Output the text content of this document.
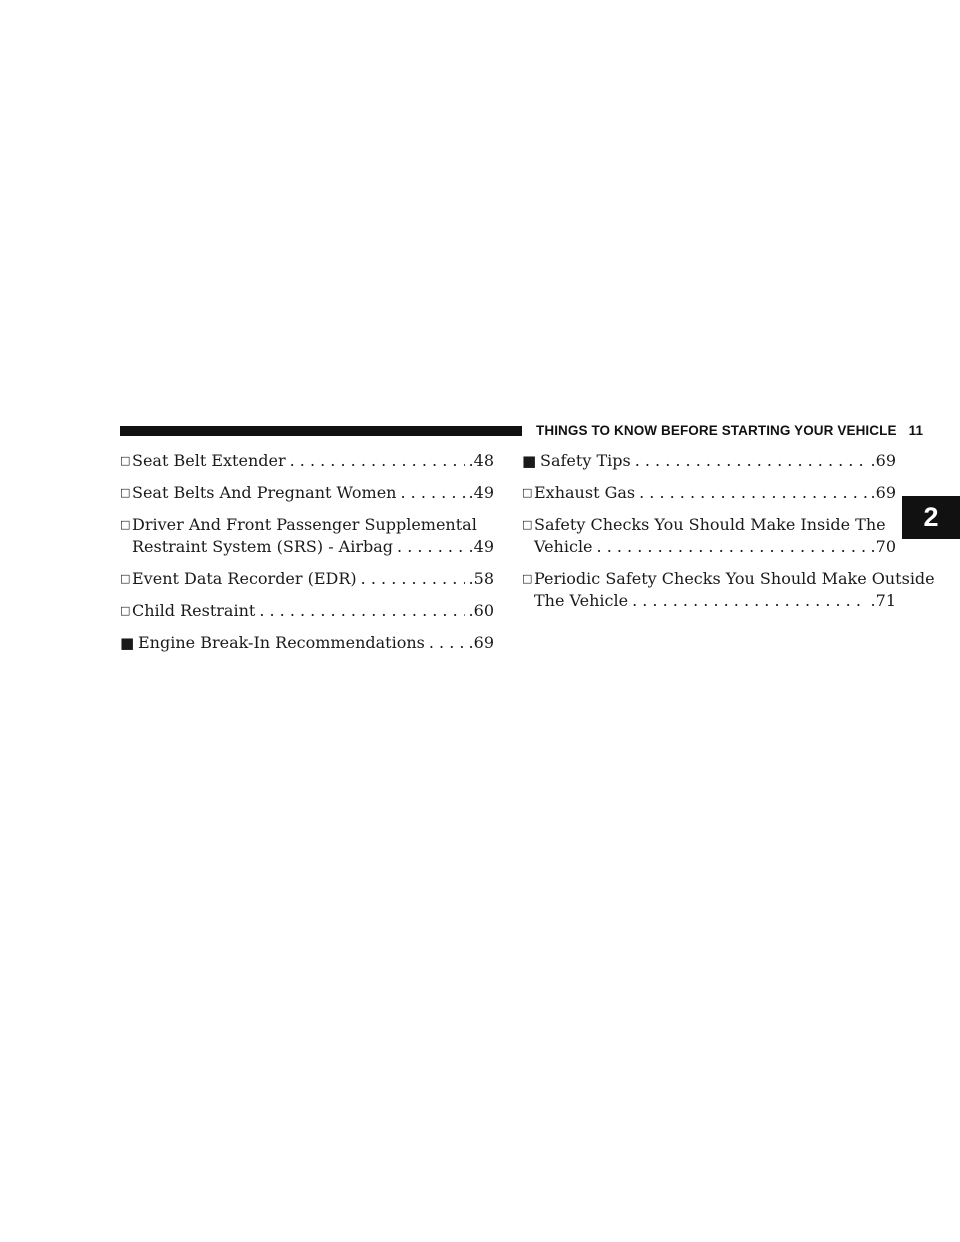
THINGS TO KNOW BEFORE STARTING YOUR VEHICLE 11
2
□ Seat Belt Extender . . .	.48
□ Seat Belts And Pregnant Women . . .	.49
□ Driver And Front Passenger Supplemental
Restraint System (SRS) - Airbag . . .	.49
□ Event Data Recorder (EDR) . . .	.58
□ Child Restraint . . .	.60
■ Engine Break-In Recommendations . . .	.69
■ Safety Tips . . .	.69
□ Exhaust Gas . . .	.69
□ Safety Checks You Should Make Inside The
Vehicle . . .	.70
□ Periodic Safety Checks You Should Make Outside
The Vehicle . . .	.71
